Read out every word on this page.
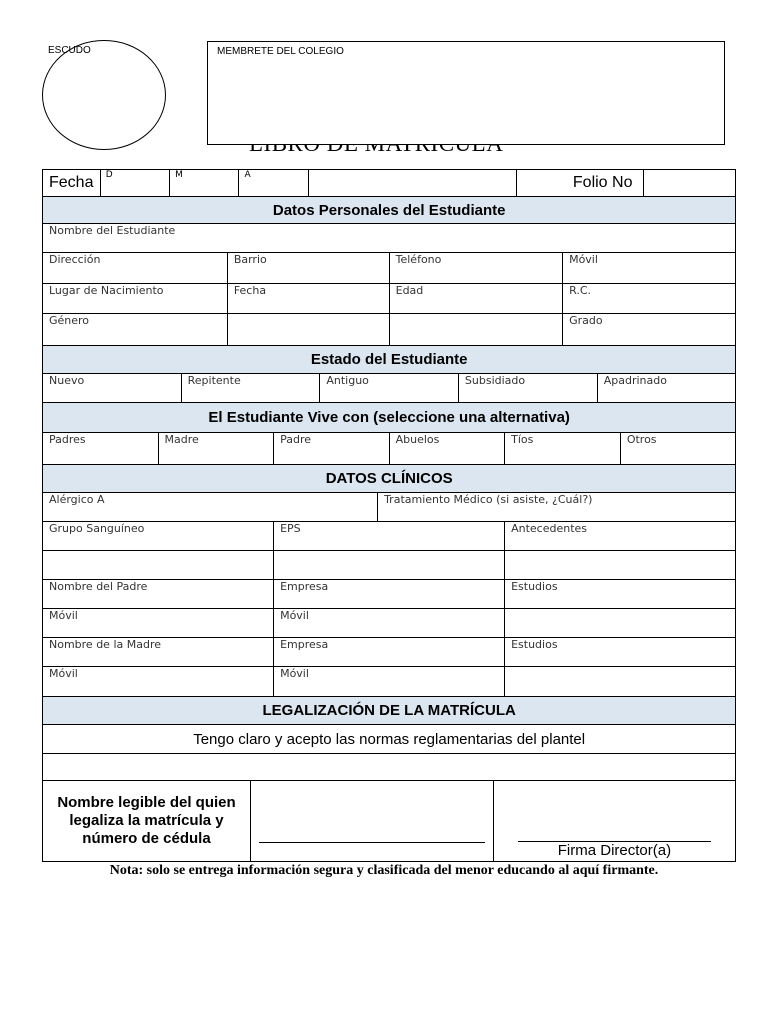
ESCUDO	MEMBRETE DEL COLEGIO
Fecha	D		M			A										Folio No				
Datos Personales del Estudiante																				
Nombre del Estudiante																				
Dirección					Barrio							Teléfono					Móvil			
Lugar de Nacimiento					Fecha							Edad					R.C.			
Género																	Grado			
Estado del Estudiante																				
Nuevo				Repitente						Antiguo			Subsidiado					Apadrinado		
El Estudiante Vive con (seleccione una alternativa)																				
Padres		Madre						Padre				Abuelos			Tíos				Otros	
DATOS CLÍNICOS																				
Alérgico A											Tratamiento Médico (si asiste, ¿Cuál?)									
Grupo Sanguíneo								EPS							Antecedentes					

Nombre del Padre								Empresa							Estudios					
Móvil								Móvil												
Nombre de la Madre								Empresa							Estudios					
Móvil								Móvil												
LEGALIZACIÓN DE LA MATRÍCULA																				
Tengo claro y acepto las normas reglamentarias del plantel																				

Nombre legible del quien legaliza la matrícula y número de cédula														Firma Director(a)						
Nota: solo se entrega información segura y clasificada del menor educando al aquí firmante.
